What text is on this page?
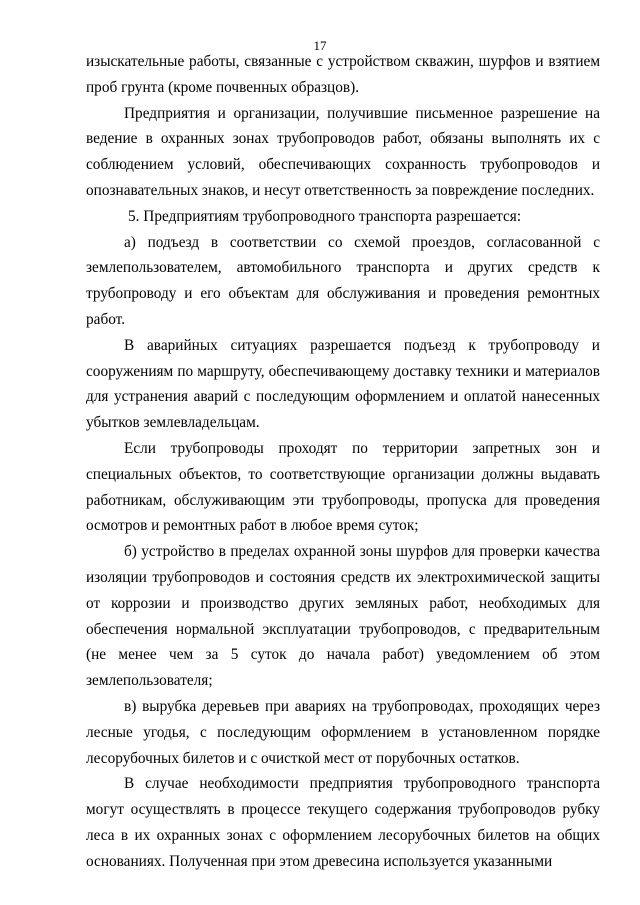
17

изыскательные работы, связанные с устройством скважин, шурфов и взятием проб грунта (кроме почвенных образцов).

Предприятия и организации, получившие письменное разрешение на ведение в охранных зонах трубопроводов работ, обязаны выполнять их с соблюдением условий, обеспечивающих сохранность трубопроводов и опознавательных знаков, и несут ответственность за повреждение последних.

5. Предприятиям трубопроводного транспорта разрешается:

а) подъезд в соответствии со схемой проездов, согласованной с землепользователем, автомобильного транспорта и других средств к трубопроводу и его объектам для обслуживания и проведения ремонтных работ.

В аварийных ситуациях разрешается подъезд к трубопроводу и сооружениям по маршруту, обеспечивающему доставку техники и материалов для устранения аварий с последующим оформлением и оплатой нанесенных убытков землевладельцам.

Если трубопроводы проходят по территории запретных зон и специальных объектов, то соответствующие организации должны выдавать работникам, обслуживающим эти трубопроводы, пропуска для проведения осмотров и ремонтных работ в любое время суток;

б) устройство в пределах охранной зоны шурфов для проверки качества изоляции трубопроводов и состояния средств их электрохимической защиты от коррозии и производство других земляных работ, необходимых для обеспечения нормальной эксплуатации трубопроводов, с предварительным (не менее чем за 5 суток до начала работ) уведомлением об этом землепользователя;

в) вырубка деревьев при авариях на трубопроводах, проходящих через лесные угодья, с последующим оформлением в установленном порядке лесорубочных билетов и с очисткой мест от порубочных остатков.

В случае необходимости предприятия трубопроводного транспорта могут осуществлять в процессе текущего содержания трубопроводов рубку леса в их охранных зонах с оформлением лесорубочных билетов на общих основаниях. Полученная при этом древесина используется указанными
